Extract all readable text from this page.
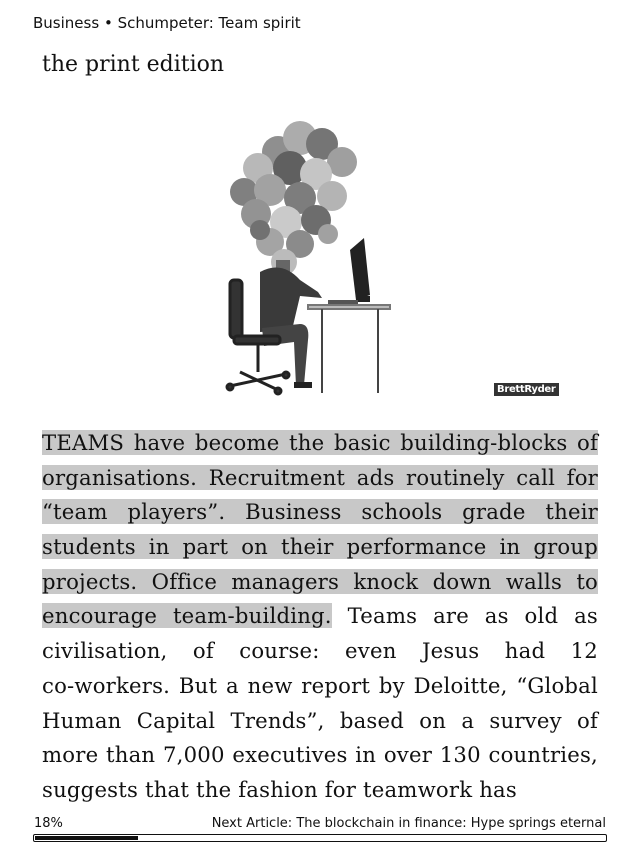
Business • Schumpeter: Team spirit
the print edition
BrettRyder
TEAMS have become the basic building-blocks of
organisations. Recruitment ads routinely call for
“team players”. Business schools grade their
students in part on their performance in group
projects. Office managers knock down walls to
encourage team-building. Teams are as old as
civilisation, of course: even Jesus had 12
co-workers. But a new report by Deloitte, “Global
Human Capital Trends”, based on a survey of
more than 7,000 executives in over 130 countries,
suggests that the fashion for teamwork has
18%	Next Article: The blockchain in finance: Hype springs eternal
